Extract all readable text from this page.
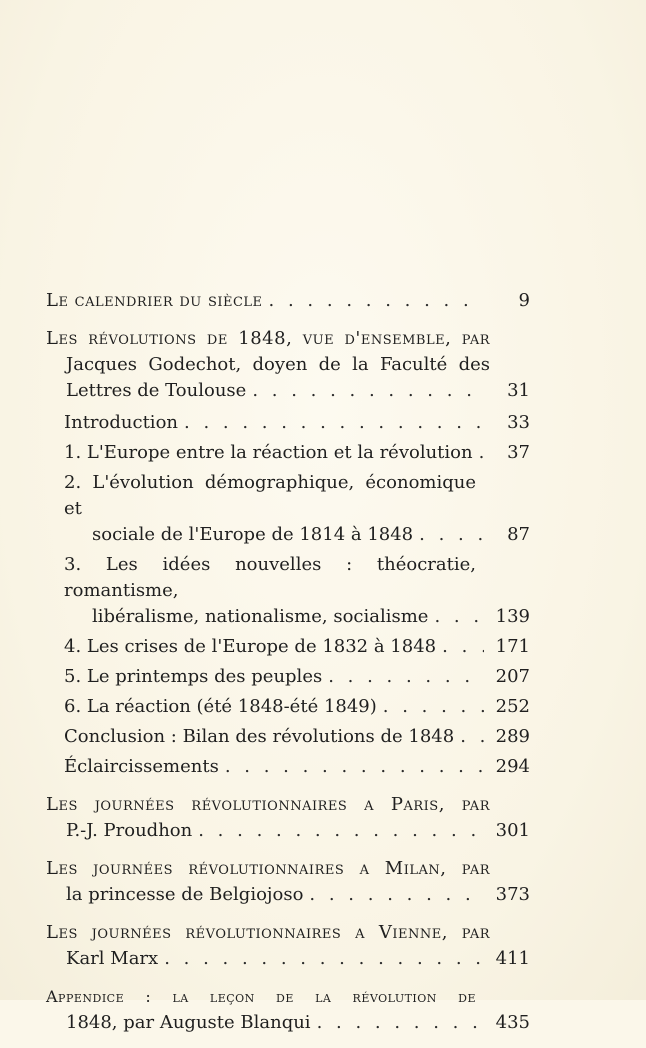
Le calendrier du siècle . . .	9
Les révolutions de 1848, vue d'ensemble, par
Jacques Godechot, doyen de la Faculté des
Lettres de Toulouse . . .	31
Introduction . . .	33
1. L'Europe entre la réaction et la révolution . . .	37
2. L'évolution démographique, économique et
sociale de l'Europe de 1814 à 1848 . . .	87
3. Les idées nouvelles : théocratie, romantisme,
libéralisme, nationalisme, socialisme . . .	139
4. Les crises de l'Europe de 1832 à 1848 . . .	171
5. Le printemps des peuples . . .	207
6. La réaction (été 1848-été 1849) . . .	252
Conclusion : Bilan des révolutions de 1848 . . .	289
Éclaircissements . . .	294
Les journées révolutionnaires a Paris, par
P.-J. Proudhon . . .	301
Les journées révolutionnaires a Milan, par
la princesse de Belgiojoso . . .	373
Les journées révolutionnaires a Vienne, par
Karl Marx . . .	411
Appendice : la leçon de la révolution de
1848, par Auguste Blanqui . . .	435
